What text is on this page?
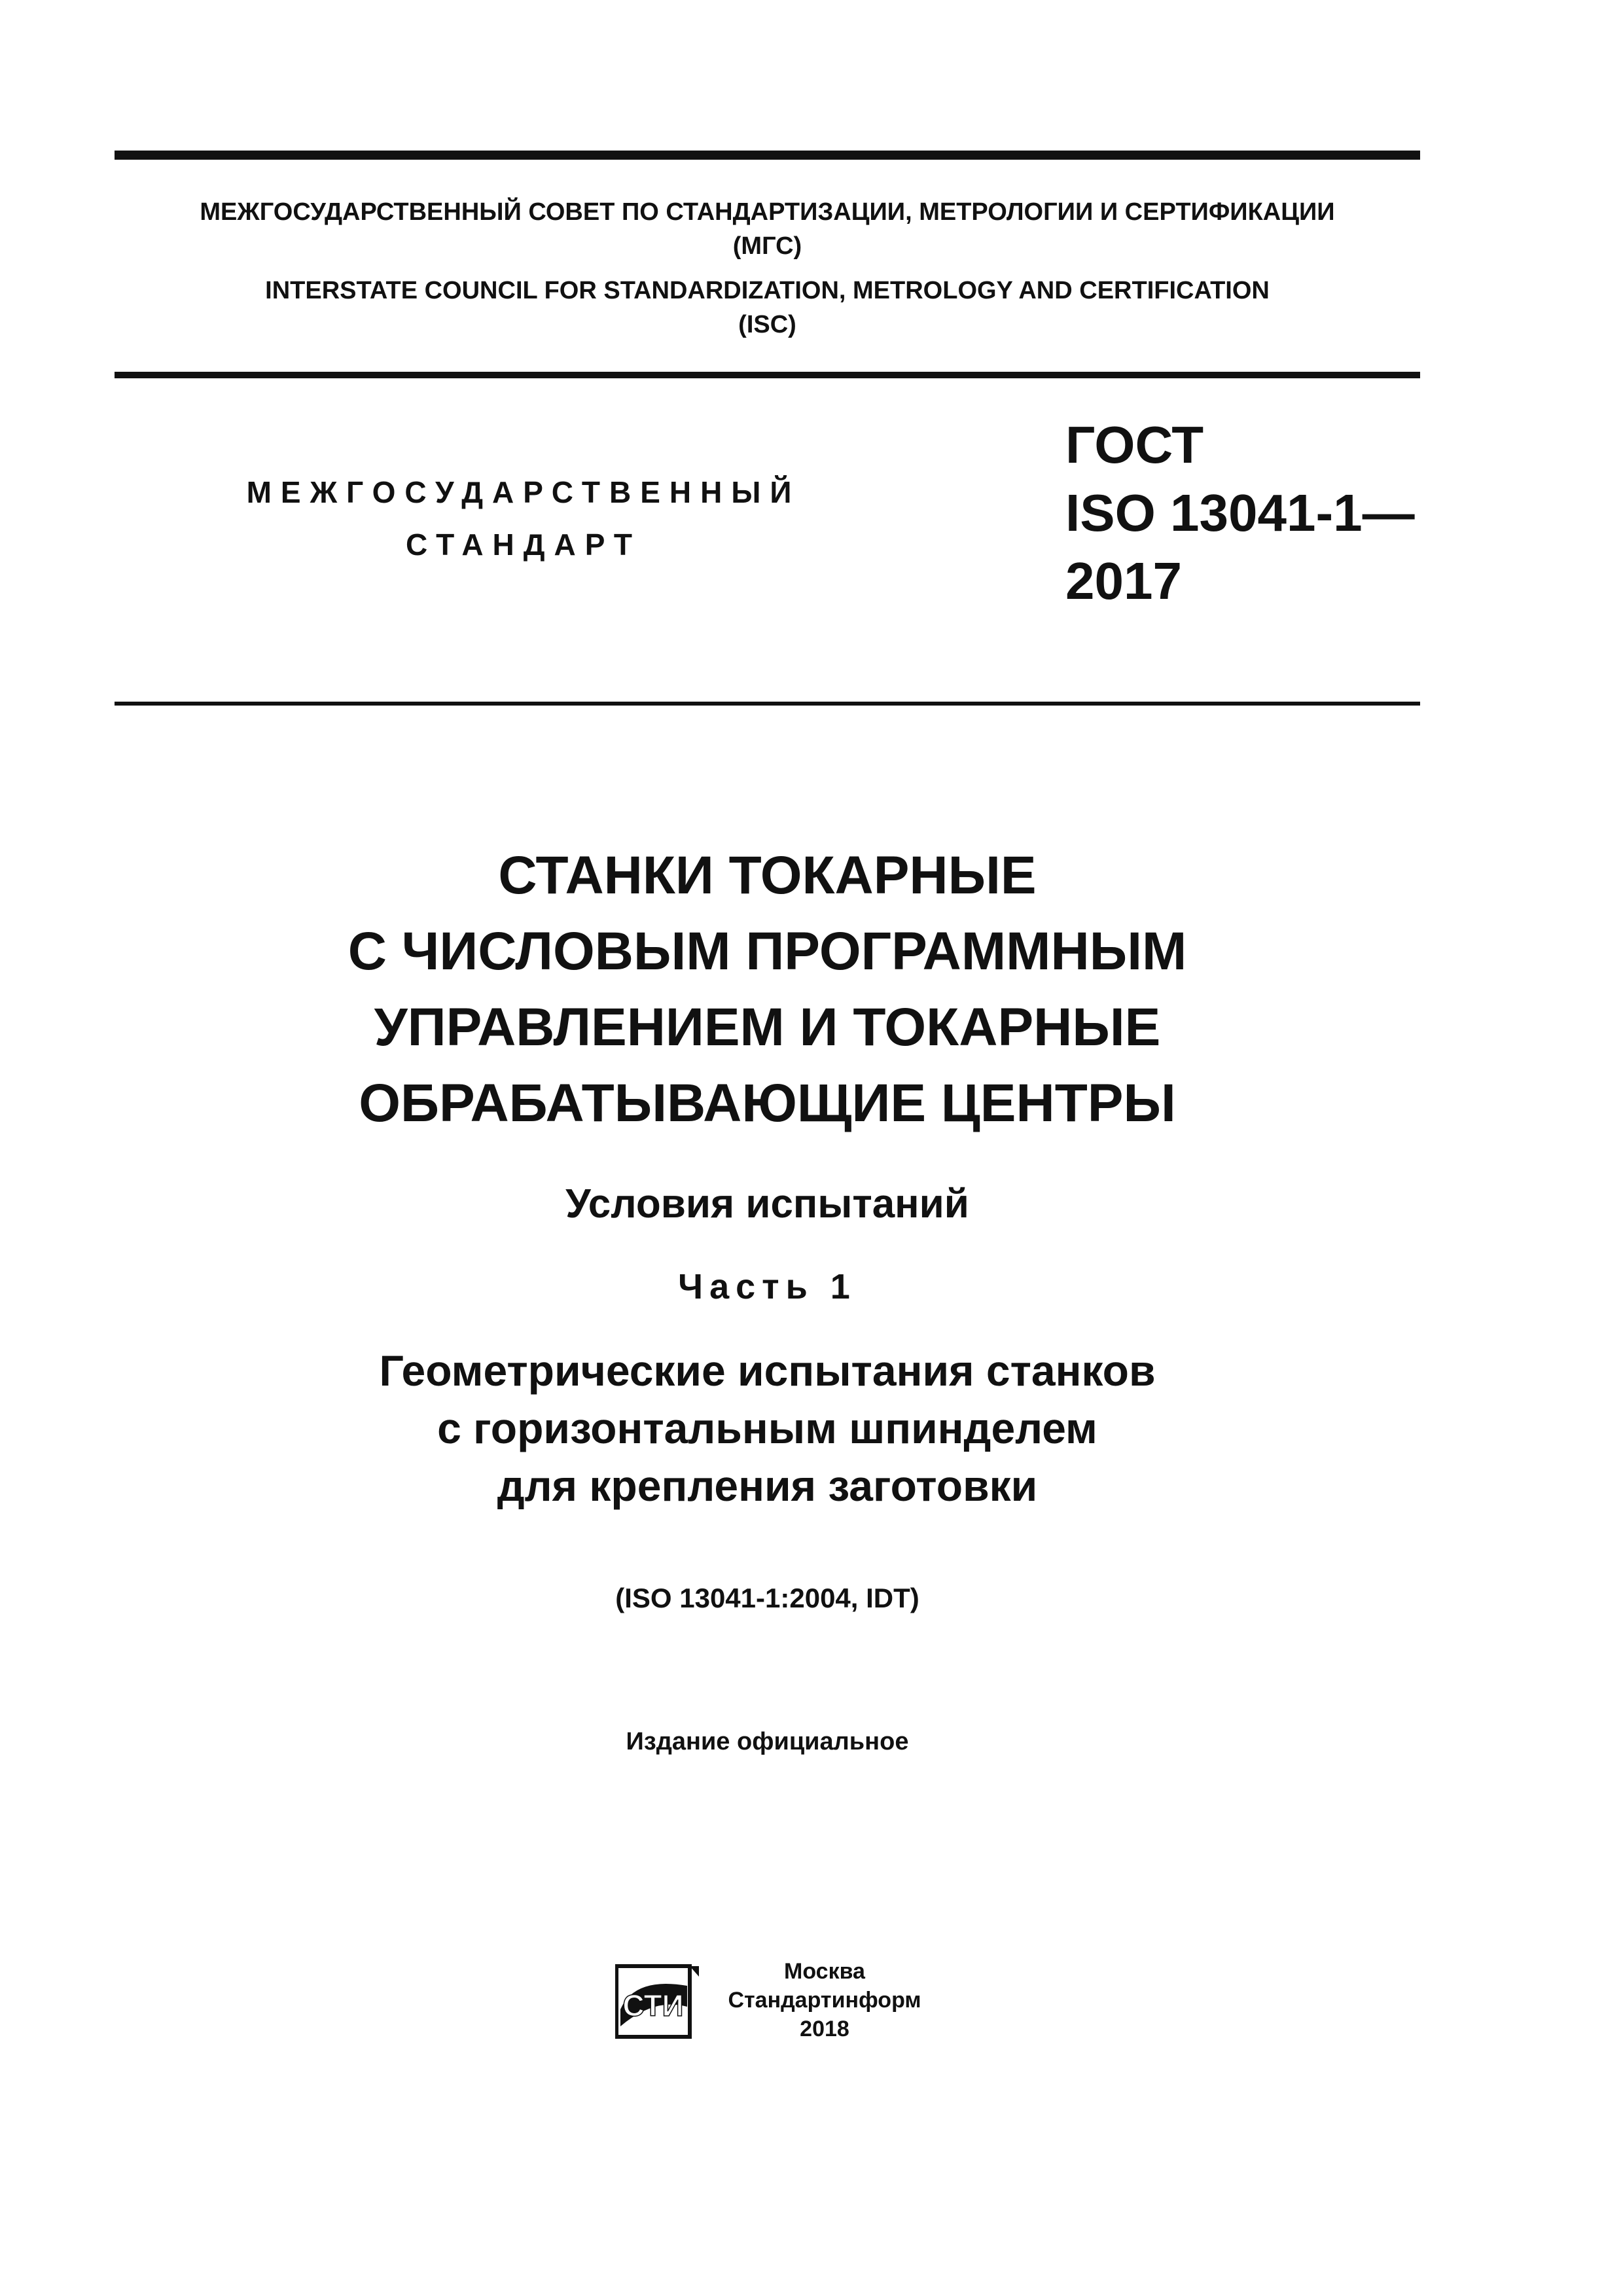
МЕЖГОСУДАРСТВЕННЫЙ СОВЕТ ПО СТАНДАРТИЗАЦИИ, МЕТРОЛОГИИ И СЕРТИФИКАЦИИ
(МГС)
INTERSTATE COUNCIL FOR STANDARDIZATION, METROLOGY AND CERTIFICATION
(ISC)
МЕЖГОСУДАРСТВЕННЫЙ
СТАНДАРТ
ГОСТ
ISO 13041-1—
2017
СТАНКИ ТОКАРНЫЕ
С ЧИСЛОВЫМ ПРОГРАММНЫМ
УПРАВЛЕНИЕМ И ТОКАРНЫЕ
ОБРАБАТЫВАЮЩИЕ ЦЕНТРЫ
Условия испытаний
Часть 1
Геометрические испытания станков
с горизонтальным шпинделем
для крепления заготовки
(ISO 13041-1:2004, IDT)
Издание официальное
СТИ
Москва
Стандартинформ
2018
